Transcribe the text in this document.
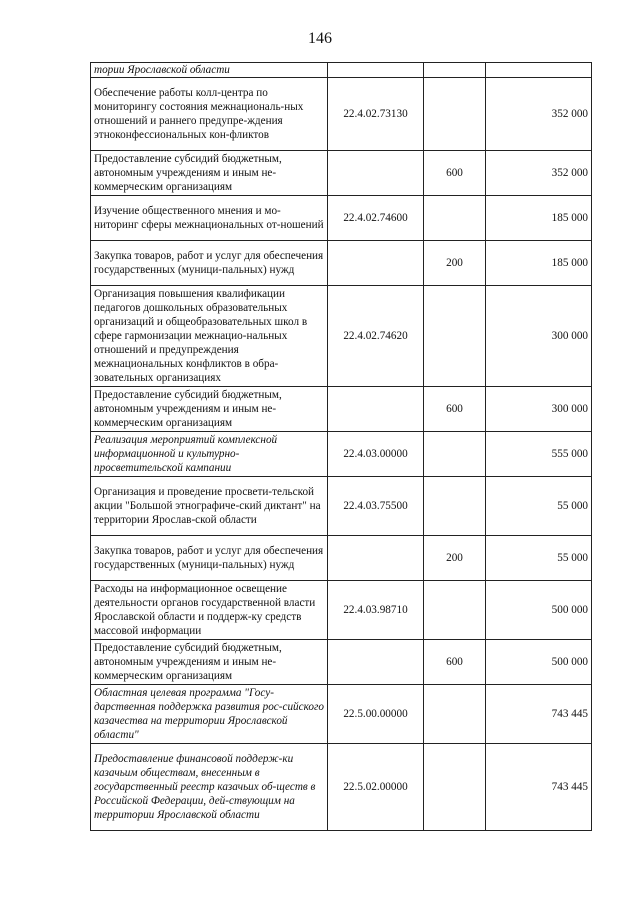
146
тории Ярославской области			
Обеспечение работы колл-центра по мониторингу состояния межнациональ-ных отношений и раннего предупре-ждения этноконфессиональных кон-фликтов	22.4.02.73130		352 000
Предоставление субсидий бюджетным, автономным учреждениям и иным не-коммерческим организациям		600	352 000
Изучение общественного мнения и мо-ниторинг сферы межнациональных от-ношений	22.4.02.74600		185 000
Закупка товаров, работ и услуг для обеспечения государственных (муници-пальных) нужд		200	185 000
Организация повышения квалификации педагогов дошкольных образовательных организаций и общеобразовательных школ в сфере гармонизации межнацио-нальных отношений и предупреждения межнациональных конфликтов в обра-зовательных организациях	22.4.02.74620		300 000
Предоставление субсидий бюджетным, автономным учреждениям и иным не-коммерческим организациям		600	300 000
Реализация мероприятий комплексной информационной и культурно-просветительской кампании	22.4.03.00000		555 000
Организация и проведение просвети-тельской акции "Большой этнографиче-ский диктант" на территории Ярослав-ской области	22.4.03.75500		55 000
Закупка товаров, работ и услуг для обеспечения государственных (муници-пальных) нужд		200	55 000
Расходы на информационное освещение деятельности органов государственной власти Ярославской области и поддерж-ку средств массовой информации	22.4.03.98710		500 000
Предоставление субсидий бюджетным, автономным учреждениям и иным не-коммерческим организациям		600	500 000
Областная целевая программа "Госу-дарственная поддержка развития рос-сийского казачества на территории Ярославской области"	22.5.00.00000		743 445
Предоставление финансовой поддерж-ки казачьим обществам, внесенным в государственный реестр казачьих об-ществ в Российской Федерации, дей-ствующим на территории Ярославской области	22.5.02.00000		743 445
